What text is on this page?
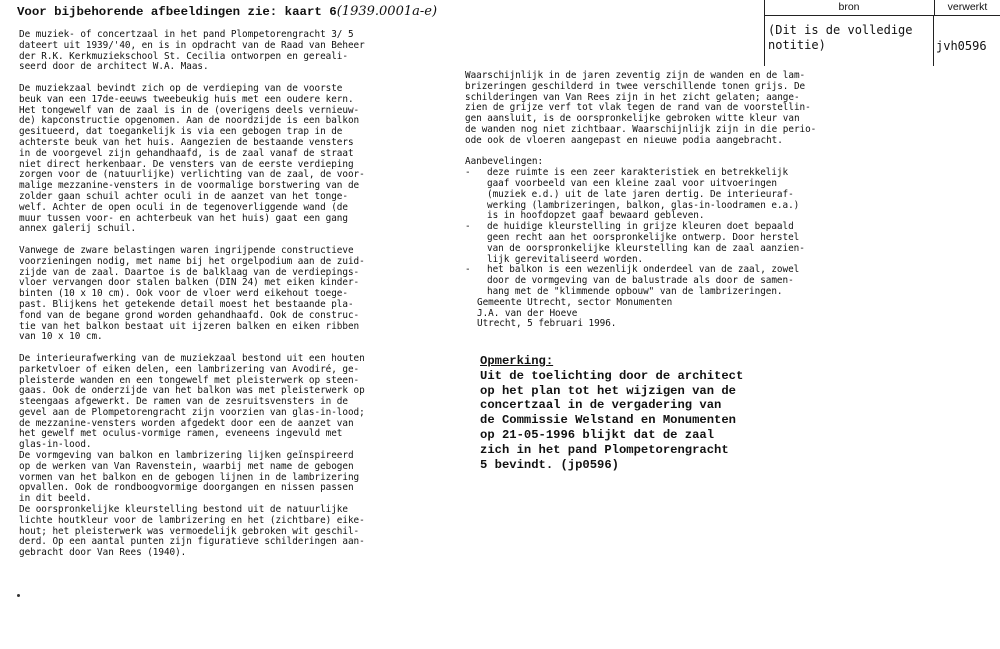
Voor bijbehorende afbeeldingen zie: kaart 6(1939.0001a-e)	bron	verwerkt
(Dit is de volledige
notitie)	jvh0596

De muziek- of concertzaal in het pand Plompetorengracht 3/ 5
dateert uit 1939/'40, en is in opdracht van de Raad van Beheer
der R.K. Kerkmuziekschool St. Cecilia ontworpen en gereali-
seerd door de architect W.A. Maas.

De muziekzaal bevindt zich op de verdieping van de voorste
beuk van een 17de-eeuws tweebeukig huis met een oudere kern.
Het tongewelf van de zaal is in de (overigens deels vernieuw-
de) kapconstructie opgenomen. Aan de noordzijde is een balkon
gesitueerd, dat toegankelijk is via een gebogen trap in de
achterste beuk van het huis. Aangezien de bestaande vensters
in de voorgevel zijn gehandhaafd, is de zaal vanaf de straat
niet direct herkenbaar. De vensters van de eerste verdieping
zorgen voor de (natuurlijke) verlichting van de zaal, de voor-
malige mezzanine-vensters in de voormalige borstwering van de
zolder gaan schuil achter oculi in de aanzet van het tonge-
welf. Achter de open oculi in de tegenoverliggende wand (de
muur tussen voor- en achterbeuk van het huis) gaat een gang
annex galerij schuil.

Vanwege de zware belastingen waren ingrijpende constructieve
voorzieningen nodig, met name bij het orgelpodium aan de zuid-
zijde van de zaal. Daartoe is de balklaag van de verdiepings-
vloer vervangen door stalen balken (DIN 24) met eiken kinder-
binten (10 x 10 cm). Ook voor de vloer werd eikehout toege-
past. Blijkens het getekende detail moest het bestaande pla-
fond van de begane grond worden gehandhaafd. Ook de construc-
tie van het balkon bestaat uit ijzeren balken en eiken ribben
van 10 x 10 cm.

De interieurafwerking van de muziekzaal bestond uit een houten
parketvloer of eiken delen, een lambrizering van Avodiré, ge-
pleisterde wanden en een tongewelf met pleisterwerk op steen-
gaas. Ook de onderzijde van het balkon was met pleisterwerk op
steengaas afgewerkt. De ramen van de zesruitsvensters in de
gevel aan de Plompetorengracht zijn voorzien van glas-in-lood;
de mezzanine-vensters worden afgedekt door een de aanzet van
het gewelf met oculus-vormige ramen, eveneens ingevuld met
glas-in-lood.
De vormgeving van balkon en lambrizering lijken geïnspireerd
op de werken van Van Ravenstein, waarbij met name de gebogen
vormen van het balkon en de gebogen lijnen in de lambrizering
opvallen. Ook de rondboogvormige doorgangen en nissen passen
in dit beeld.
De oorspronkelijke kleurstelling bestond uit de natuurlijke
lichte houtkleur voor de lambrizering en het (zichtbare) eike-
hout; het pleisterwerk was vermoedelijk gebroken wit geschil-
derd. Op een aantal punten zijn figuratieve schilderingen aan-
gebracht door Van Rees (1940).

Waarschijnlijk in de jaren zeventig zijn de wanden en de lam-
brizeringen geschilderd in twee verschillende tonen grijs. De
schilderingen van Van Rees zijn in het zicht gelaten; aange-
zien de grijze verf tot vlak tegen de rand van de voorstellin-
gen aansluit, is de oorspronkelijke gebroken witte kleur van
de wanden nog niet zichtbaar. Waarschijnlijk zijn in die perio-
ode ook de vloeren aangepast en nieuwe podia aangebracht.

Aanbevelingen:

- deze ruimte is een zeer karakteristiek en betrekkelijk
gaaf voorbeeld van een kleine zaal voor uitvoeringen
(muziek e.d.) uit de late jaren dertig. De interieuraf-
werking (lambrizeringen, balkon, glas-in-loodramen e.a.)
is in hoofdopzet gaaf bewaard gebleven.
- de huidige kleurstelling in grijze kleuren doet bepaald
geen recht aan het oorspronkelijke ontwerp. Door herstel
van de oorspronkelijke kleurstelling kan de zaal aanzien-
lijk gerevitaliseerd worden.
- het balkon is een wezenlijk onderdeel van de zaal, zowel
door de vormgeving van de balustrade als door de samen-
hang met de "klimmende opbouw" van de lambrizeringen.

Gemeente Utrecht, sector Monumenten
J.A. van der Hoeve
Utrecht, 5 februari 1996.

Opmerking:
Uit de toelichting door de architect
op het plan tot het wijzigen van de
concertzaal in de vergadering van
de Commissie Welstand en Monumenten
op 21-05-1996 blijkt dat de zaal
zich in het pand Plompetorengracht
5 bevindt. (jp0596)
